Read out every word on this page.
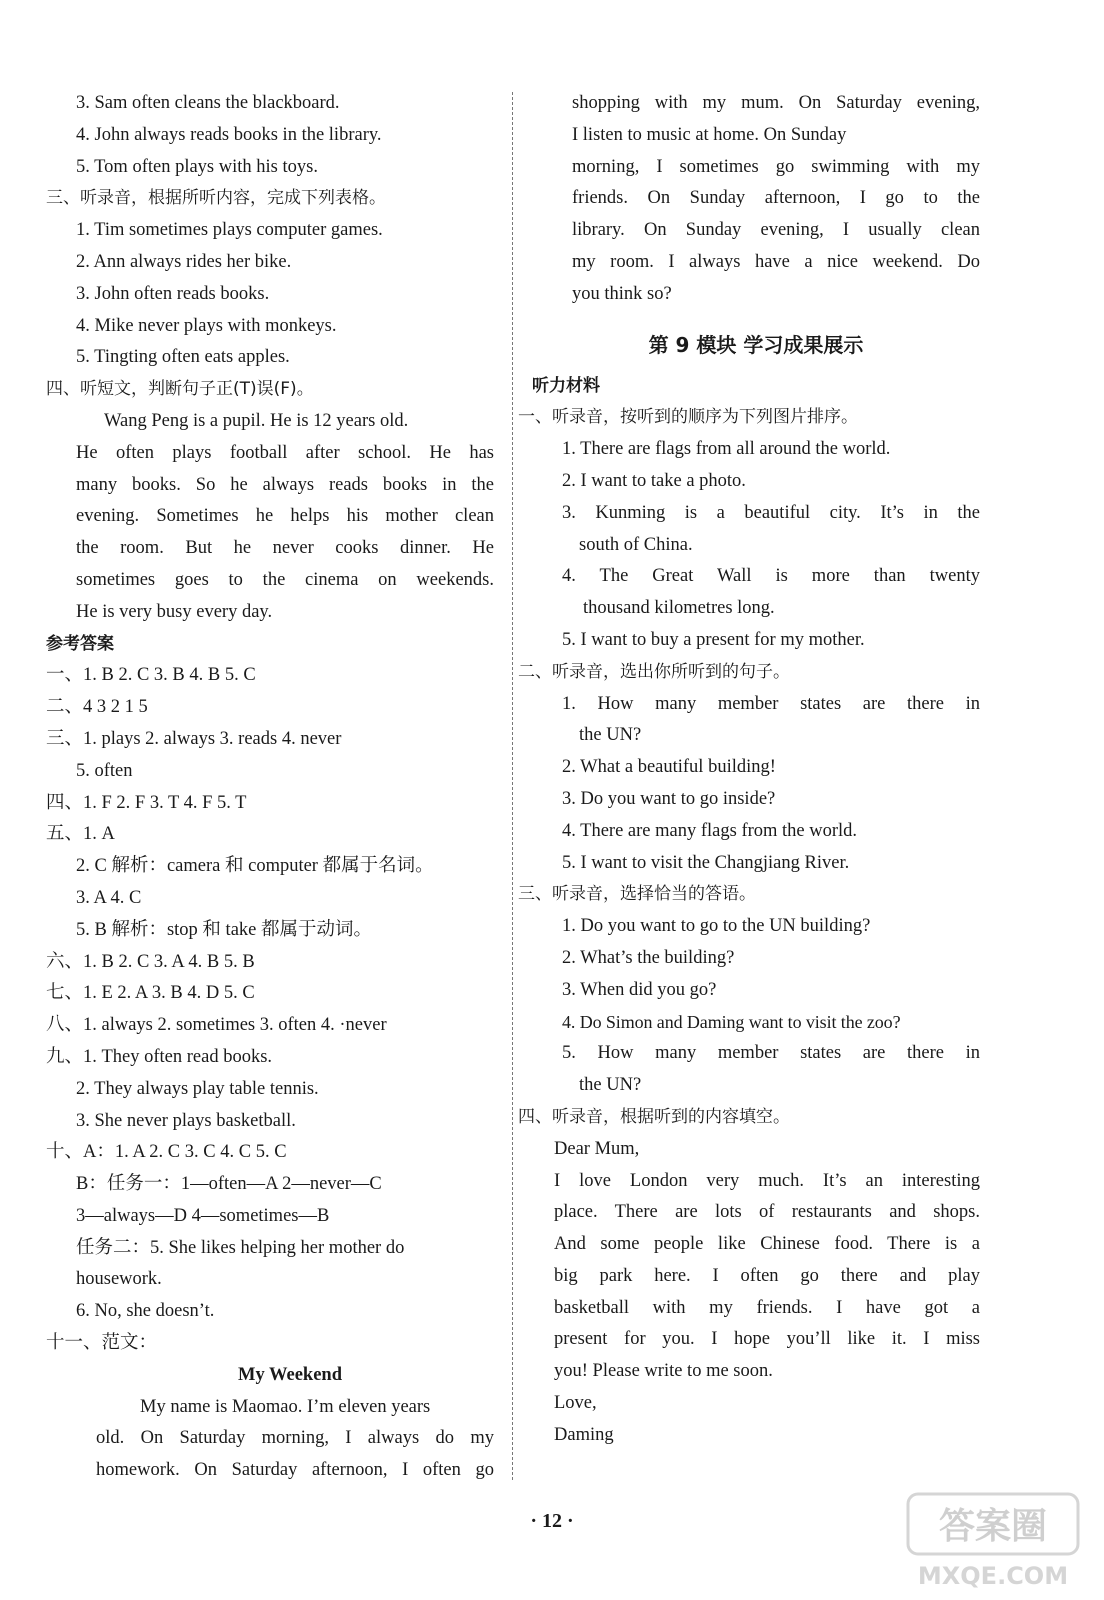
3. Sam often cleans the blackboard.
4. John always reads books in the library.
5. Tom often plays with his toys.
三、听录音，根据所听内容，完成下列表格。
1. Tim sometimes plays computer games.
2. Ann always rides her bike.
3. John often reads books.
4. Mike never plays with monkeys.
5. Tingting often eats apples.
四、听短文，判断句子正(T)误(F)。
Wang Peng is a pupil. He is 12 years old.
He often plays football after school. He has
many books. So he always reads books in the
evening. Sometimes he helps his mother clean
the room. But he never cooks dinner. He
sometimes goes to the cinema on weekends.
He is very busy every day.
参考答案
一、1. B 2. C 3. B 4. B 5. C
二、4 3 2 1 5
三、1. plays 2. always 3. reads 4. never
5. often
四、1. F 2. F 3. T 4. F 5. T
五、1. A
2. C 解析：camera 和 computer 都属于名词。
3. A 4. C
5. B 解析：stop 和 take 都属于动词。
六、1. B 2. C 3. A 4. B 5. B
七、1. E 2. A 3. B 4. D 5. C
八、1. always 2. sometimes 3. often 4. ·never
九、1. They often read books.
2. They always play table tennis.
3. She never plays basketball.
十、A：1. A 2. C 3. C 4. C 5. C
B：任务一：1—often—A 2—never—C
3—always—D 4—sometimes—B
任务二：5. She likes helping her mother do
housework.
6. No, she doesn’t.
十一、范文：
My Weekend
My name is Maomao. I’m eleven years
old. On Saturday morning, I always do my
homework. On Saturday afternoon, I often go
shopping with my mum. On Saturday evening,
I listen to music at home. On Sunday
morning, I sometimes go swimming with my
friends. On Sunday afternoon, I go to the
library. On Sunday evening, I usually clean
my room. I always have a nice weekend. Do
you think so?
第 9 模块 学习成果展示
听力材料
一、听录音，按听到的顺序为下列图片排序。
1. There are flags from all around the world.
2. I want to take a photo.
3. Kunming is a beautiful city. It’s in the
south of China.
4. The Great Wall is more than twenty
thousand kilometres long.
5. I want to buy a present for my mother.
二、听录音，选出你所听到的句子。
1. How many member states are there in
the UN?
2. What a beautiful building!
3. Do you want to go inside?
4. There are many flags from the world.
5. I want to visit the Changjiang River.
三、听录音，选择恰当的答语。
1. Do you want to go to the UN building?
2. What’s the building?
3. When did you go?
4. Do Simon and Daming want to visit the zoo?
5. How many member states are there in
the UN?
四、听录音，根据听到的内容填空。
Dear Mum,
I love London very much. It’s an interesting
place. There are lots of restaurants and shops.
And some people like Chinese food. There is a
big park here. I often go there and play
basketball with my friends. I have got a
present for you. I hope you’ll like it. I miss
you! Please write to me soon.
Love,
Daming
· 12 ·	答案圈
MXQE.COM
